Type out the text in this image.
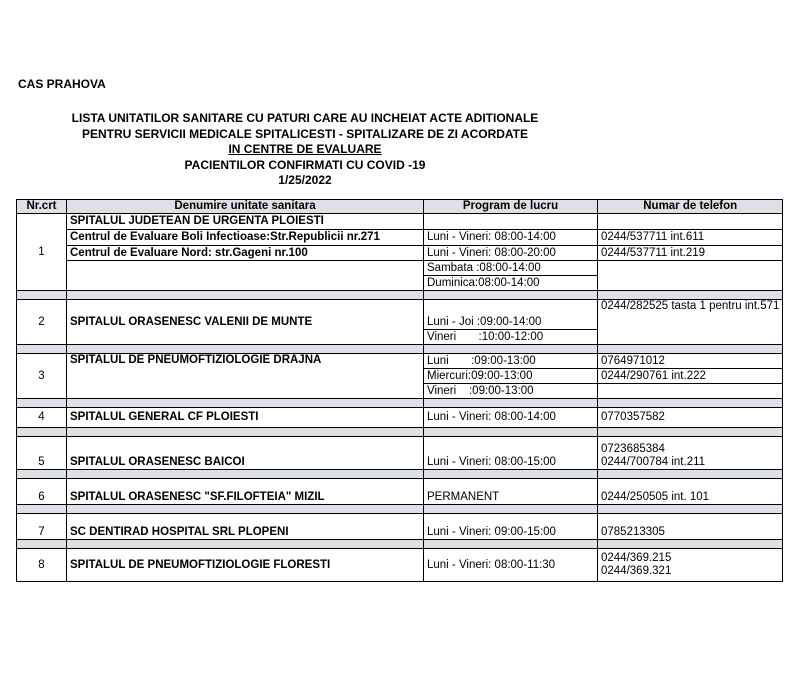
CAS PRAHOVA
LISTA UNITATILOR SANITARE CU PATURI CARE AU INCHEIAT ACTE ADITIONALE
PENTRU SERVICII MEDICALE SPITALICESTI - SPITALIZARE DE ZI ACORDATE
IN CENTRE DE EVALUARE
PACIENTILOR CONFIRMATI CU COVID -19
1/25/2022
Nr.crt	Denumire unitate sanitara	Program de lucru	Numar de telefon
1	SPITALUL JUDETEAN DE URGENTA PLOIESTI		
	Centrul de Evaluare Boli Infectioase:Str.Republicii nr.271	Luni - Vineri: 08:00-14:00	0244/537711 int.611
	Centrul de Evaluare Nord: str.Gageni nr.100	Luni - Vineri: 08:00-20:00	0244/537711 int.219
		Sambata :08:00-14:00	
		Duminica:08:00-14:00	

2	SPITALUL ORASENESC VALENII DE MUNTE	Luni - Joi :09:00-14:00	0244/282525 tasta 1 pentru int.571
		Vineri       :10:00-12:00	

3	SPITALUL DE PNEUMOFTIZIOLOGIE DRAJNA	Luni       :09:00-13:00	0764971012
		Miercuri:09:00-13:00	0244/290761 int.222
		Vineri    :09:00-13:00	

4	SPITALUL GENERAL CF PLOIESTI	Luni - Vineri: 08:00-14:00	0770357582

5	SPITALUL ORASENESC BAICOI	Luni - Vineri: 08:00-15:00	0723685384
0244/700784 int.211

6	SPITALUL ORASENESC "SF.FILOFTEIA" MIZIL	PERMANENT	0244/250505 int. 101

7	SC DENTIRAD HOSPITAL SRL PLOPENI	Luni - Vineri: 09:00-15:00	0785213305

8	SPITALUL DE PNEUMOFTIZIOLOGIE FLORESTI	Luni - Vineri: 08:00-11:30	0244/369.215
0244/369.321
